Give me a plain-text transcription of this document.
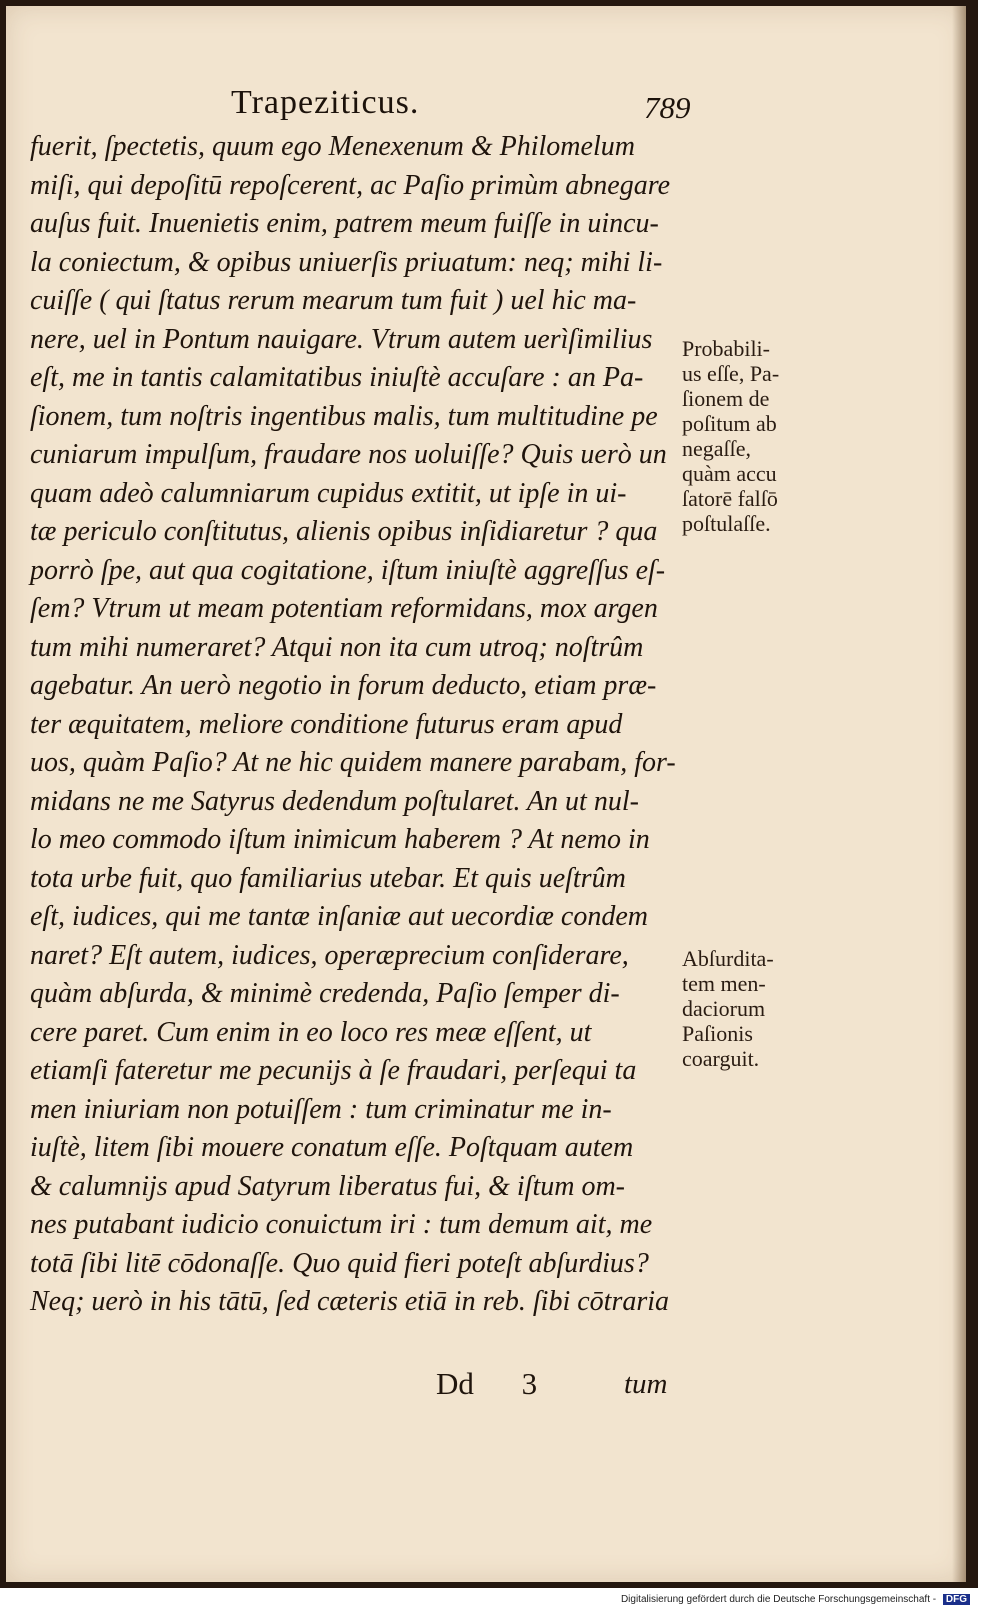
Trapeziticus.	789
fuerit, ſpectetis, quum ego Menexenum & Philomelum
miſi, qui depoſitū repoſcerent, ac Paſio primùm abnegare
auſus fuit. Inuenietis enim, patrem meum fuiſſe in uincu-
la coniectum, & opibus uniuerſis priuatum: neq; mihi li-
cuiſſe ( qui ſtatus rerum mearum tum fuit ) uel hic ma-
nere, uel in Pontum nauigare. Vtrum autem uerìſimilius
eſt, me in tantis calamitatibus iniuſtè accuſare : an Pa-
ſionem, tum noſtris ingentibus malis, tum multitudine pe
cuniarum impulſum, fraudare nos uoluiſſe? Quis uerò un
quam adeò calumniarum cupidus extitit, ut ipſe in ui-
tæ periculo conſtitutus, alienis opibus inſidiaretur ? qua
porrò ſpe, aut qua cogitatione, iſtum iniuſtè aggreſſus eſ-
ſem? Vtrum ut meam potentiam reformidans, mox argen
tum mihi numeraret? Atqui non ita cum utroq; noſtrûm
agebatur. An uerò negotio in forum deducto, etiam præ-
ter æquitatem, meliore conditione futurus eram apud
uos, quàm Paſio? At ne hic quidem manere parabam, for-
midans ne me Satyrus dedendum poſtularet. An ut nul-
lo meo commodo iſtum inimicum haberem ? At nemo in
tota urbe fuit, quo familiarius utebar. Et quis ueſtrûm
eſt, iudices, qui me tantæ inſaniæ aut uecordiæ condem
naret? Eſt autem, iudices, operæprecium conſiderare,
quàm abſurda, & minimè credenda, Paſio ſemper di-
cere paret. Cum enim in eo loco res meæ eſſent, ut
etiamſi fateretur me pecunijs à ſe fraudari, perſequi ta
men iniuriam non potuiſſem : tum criminatur me in-
iuſtè, litem ſibi mouere conatum eſſe. Poſtquam autem
& calumnijs apud Satyrum liberatus fui, & iſtum om-
nes putabant iudicio conuictum iri : tum demum ait, me
totā ſibi litē cōdonaſſe. Quo quid fieri poteſt abſurdius?
Neq; uerò in his tātū, ſed cæteris etiā in reb. ſibi cōtraria
Probabili-
us eſſe, Pa-
ſionem de
poſitum ab
negaſſe,
quàm accu
ſatorē falſō
poſtulaſſe.
Abſurdita-
tem men-
daciorum
Paſionis
coarguit.
Dd 3	tum
Digitalisierung gefördert durch die Deutsche Forschungsgemeinschaft - DFG
